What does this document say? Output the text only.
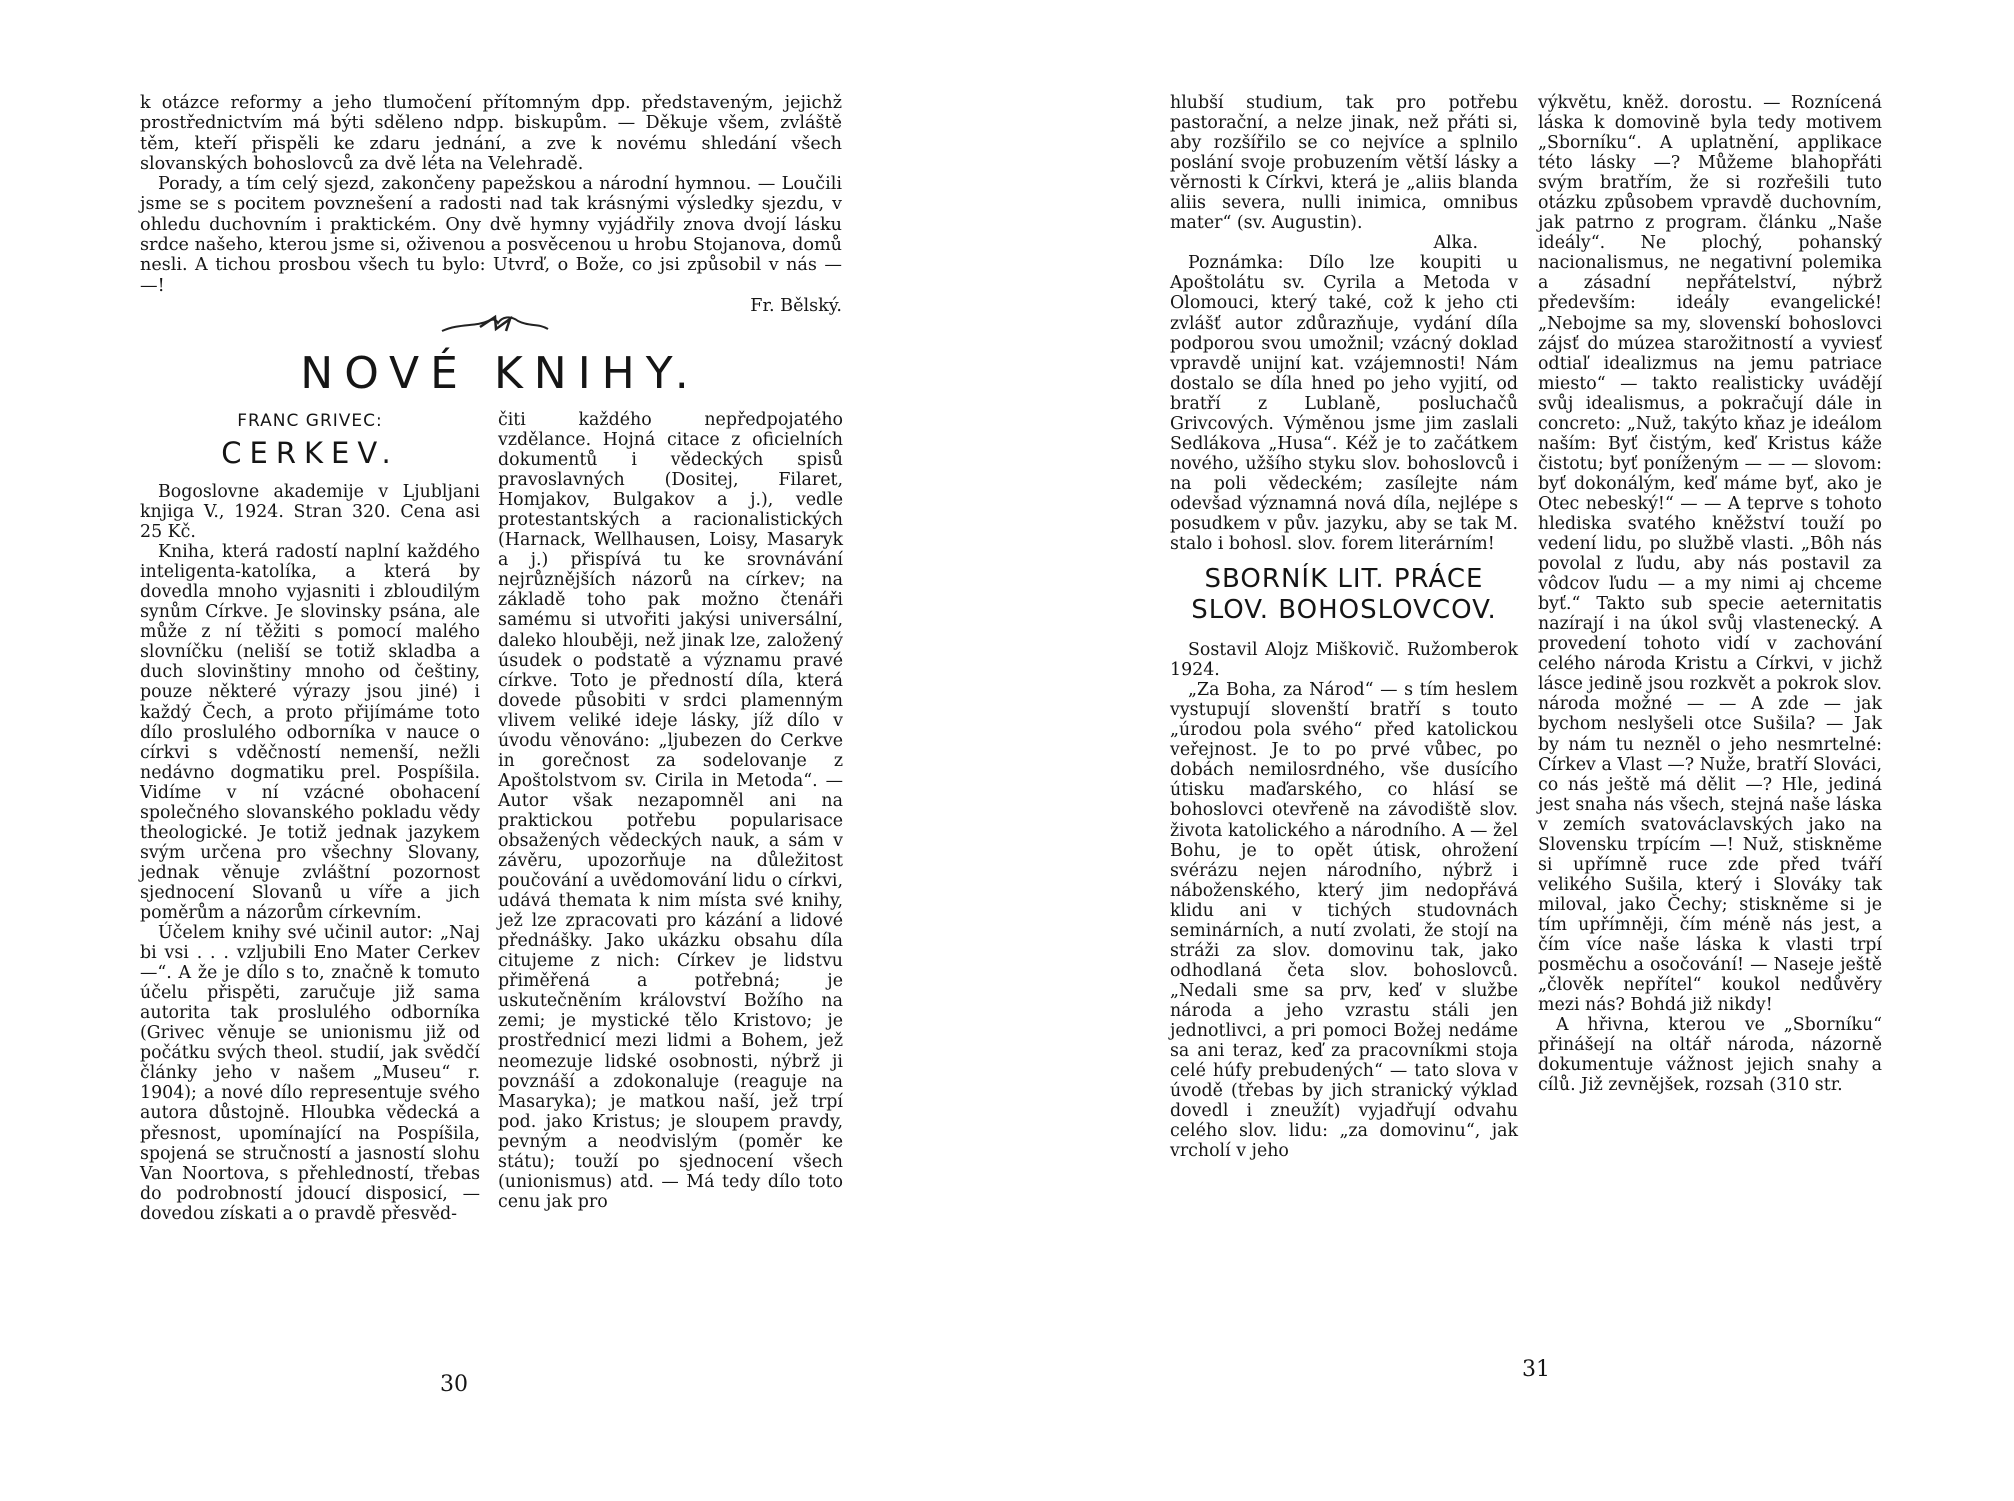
k otázce reformy a jeho tlumočení přítomným dpp. představeným, jejichž prostřednictvím má býti sděleno ndpp. biskupům. — Děkuje všem, zvláště těm, kteří přispěli ke zdaru jednání, a zve k novému shledání všech slovanských bohoslovců za dvě léta na Velehradě.

Porady, a tím celý sjezd, zakončeny papežskou a národní hymnou. — Loučili jsme se s pocitem povznešení a radosti nad tak krásnými výsledky sjezdu, v ohledu duchovním i praktickém. Ony dvě hymny vyjádřily znova dvojí lásku srdce našeho, kterou jsme si, oživenou a posvěcenou u hrobu Stojanova, domů nesli. A tichou prosbou všech tu bylo: Utvrď, o Bože, co jsi způsobil v nás — —!

Fr. Bělský.

NOVÉ KNIHY.
FRANC GRIVEC:
CERKEV.

Bogoslovne akademije v Ljubljani knjiga V., 1924. Stran 320. Cena asi 25 Kč.

Kniha, která radostí naplní každého inteligenta-katolíka, a která by dovedla mnoho vyjasniti i zbloudilým synům Církve. Je slovinsky psána, ale může z ní těžiti s pomocí malého slovníčku (neliší se totiž skladba a duch slovinštiny mnoho od češtiny, pouze některé výrazy jsou jiné) i každý Čech, a proto přijímáme toto dílo proslulého odborníka v nauce o církvi s vděčností nemenší, nežli nedávno dogmatiku prel. Pospíšila. Vidíme v ní vzácné obohacení společného slovanského pokladu vědy theologické. Je totiž jednak jazykem svým určena pro všechny Slovany, jednak věnuje zvláštní pozornost sjednocení Slovanů u víře a jich poměrům a názorům církevním.

Účelem knihy své učinil autor: „Naj bi vsi . . . vzljubili Eno Mater Cerkev —“. A že je dílo s to, značně k tomuto účelu přispěti, zaručuje již sama autorita tak proslulého odborníka (Grivec věnuje se unionismu již od počátku svých theol. studií, jak svědčí články jeho v našem „Museu“ r. 1904); a nové dílo representuje svého autora důstojně. Hloubka vědecká a přesnost, upomínající na Pospíšila, spojená se stručností a jasností slohu Van Noortova, s přehledností, třebas do podrobností jdoucí disposicí, — dovedou získati a o pravdě přesvěd-

čiti každého nepředpojatého vzdělance. Hojná citace z oficielních dokumentů i vědeckých spisů pravoslavných (Dositej, Filaret, Homjakov, Bulgakov a j.), vedle protestantských a racionalistických (Harnack, Wellhausen, Loisy, Masaryk a j.) přispívá tu ke srovnávání nejrůznějších názorů na církev; na základě toho pak možno čtenáři samému si utvořiti jakýsi universální, daleko hlouběji, než jinak lze, založený úsudek o podstatě a významu pravé církve. Toto je předností díla, která dovede působiti v srdci plamenným vlivem veliké ideje lásky, jíž dílo v úvodu věnováno: „ljubezen do Cerkve in gorečnost za sodelovanje z Apoštolstvom sv. Cirila in Metoda“. — Autor však nezapomněl ani na praktickou potřebu popularisace obsažených vědeckých nauk, a sám v závěru, upozorňuje na důležitost poučování a uvědomování lidu o církvi, udává themata k nim místa své knihy, jež lze zpracovati pro kázání a lidové přednášky. Jako ukázku obsahu díla citujeme z nich: Církev je lidstvu přiměřená a potřebná; je uskutečněním království Božího na zemi; je mystické tělo Kristovo; je prostřednicí mezi lidmi a Bohem, jež neomezuje lidské osobnosti, nýbrž ji povznáší a zdokonaluje (reaguje na Masaryka); je matkou naší, jež trpí pod. jako Kristus; je sloupem pravdy, pevným a neodvislým (poměr ke státu); touží po sjednocení všech (unionismus) atd. — Má tedy dílo toto cenu jak pro

30

hlubší studium, tak pro potřebu pastorační, a nelze jinak, než přáti si, aby rozšířilo se co nejvíce a splnilo poslání svoje probuzením větší lásky a věrnosti k Církvi, která je „aliis blanda aliis severa, nulli inimica, omnibus mater“ (sv. Augustin).

Alka.

Poznámka: Dílo lze koupiti u Apoštolátu sv. Cyrila a Metoda v Olomouci, který také, což k jeho cti zvlášť autor zdůrazňuje, vydání díla podporou svou umožnil; vzácný doklad vpravdě unijní kat. vzájemnosti! Nám dostalo se díla hned po jeho vyjití, od bratří z Lublaně, posluchačů Grivcových. Výměnou jsme jim zaslali Sedlákova „Husa“. Kéž je to začátkem nového, užšího styku slov. bohoslovců i na poli vědeckém; zasílejte nám odevšad významná nová díla, nejlépe s posudkem v pův. jazyku, aby se tak M. stalo i bohosl. slov. forem literárním!

SBORNÍK LIT. PRÁCE
SLOV. BOHOSLOVCOV.

Sostavil Alojz Miškovič. Ružomberok 1924.

„Za Boha, za Národ“ — s tím heslem vystupují slovenští bratří s touto „úrodou pola svého“ před katolickou veřejnost. Je to po prvé vůbec, po dobách nemilosrdného, vše dusícího útisku maďarského, co hlásí se bohoslovci otevřeně na závodiště slov. života katolického a národního. A — žel Bohu, je to opět útisk, ohrožení svérázu nejen národního, nýbrž i náboženského, který jim nedopřává klidu ani v tichých studovnách seminárních, a nutí zvolati, že stojí na stráži za slov. domovinu tak, jako odhodlaná četa slov. bohoslovců. „Nedali sme sa prv, keď v službe národa a jeho vzrastu stáli jen jednotlivci, a pri pomoci Božej nedáme sa ani teraz, keď za pracovníkmi stoja celé húfy prebudených“ — tato slova v úvodě (třebas by jich stranický výklad dovedl i zneužít) vyjadřují odvahu celého slov. lidu: „za domovinu“, jak vrcholí v jeho

výkvětu, kněž. dorostu. — Roznícená láska k domovině byla tedy motivem „Sborníku“. A uplatnění, applikace této lásky —? Můžeme blahopřáti svým bratřím, že si rozřešili tuto otázku způsobem vpravdě duchovním, jak patrno z program. článku „Naše ideály“. Ne plochý, pohanský nacionalismus, ne negativní polemika a zásadní nepřátelství, nýbrž především: ideály evangelické! „Nebojme sa my, slovenskí bohoslovci zájsť do múzea starožitností a vyviesť odtiaľ idealizmus na jemu patriace miesto“ — takto realisticky uvádějí svůj idealismus, a pokračují dále in concreto: „Nuž, takýto kňaz je ideálom naším: Byť čistým, keď Kristus káže čistotu; byť poníženým — — — slovom: byť dokonálým, keď máme byť, ako je Otec nebeský!“ — — A teprve s tohoto hlediska svatého kněžství touží po vedení lidu, po službě vlasti. „Bôh nás povolal z ľudu, aby nás postavil za vôdcov ľudu — a my nimi aj chceme byť.“ Takto sub specie aeternitatis nazírají i na úkol svůj vlastenecký. A provedení tohoto vidí v zachování celého národa Kristu a Církvi, v jichž lásce jedině jsou rozkvět a pokrok slov. národa možné — — A zde — jak bychom neslyšeli otce Sušila? — Jak by nám tu nezněl o jeho nesmrtelné: Církev a Vlast —? Nuže, bratří Slováci, co nás ještě má dělit —? Hle, jediná jest snaha nás všech, stejná naše láska v zemích svatováclavských jako na Slovensku trpícím —! Nuž, stiskněme si upřímně ruce zde před tváří velikého Sušila, který i Slováky tak miloval, jako Čechy; stiskněme si je tím upřímněji, čím méně nás jest, a čím více naše láska k vlasti trpí posměchu a osočování! — Naseje ještě „člověk nepřítel“ koukol nedůvěry mezi nás? Bohdá již nikdy!

A hřivna, kterou ve „Sborníku“ přinášejí na oltář národa, názorně dokumentuje vážnost jejich snahy a cílů. Již zevnějšek, rozsah (310 str.

31
